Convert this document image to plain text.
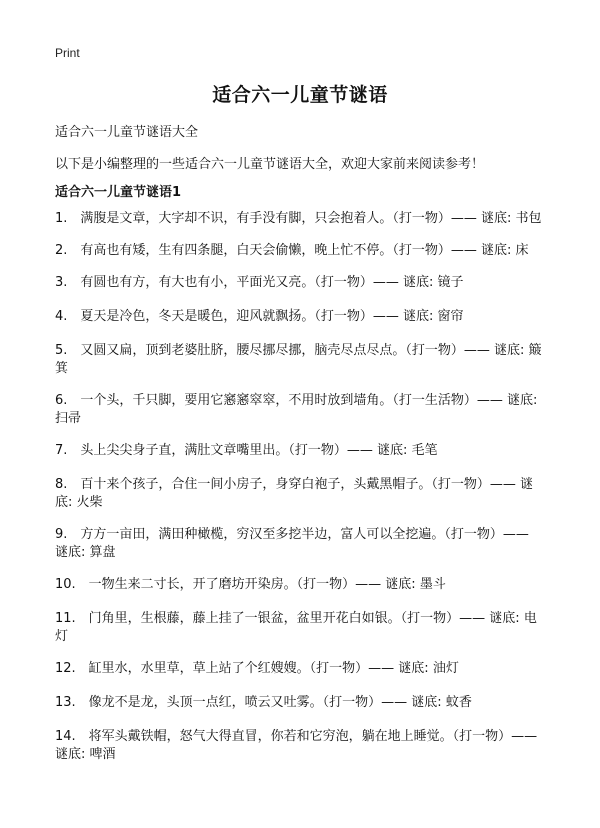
Print
适合六一儿童节谜语
适合六一儿童节谜语大全
以下是小编整理的一些适合六一儿童节谜语大全，欢迎大家前来阅读参考！
适合六一儿童节谜语1
1.　满腹是文章，大字却不识，有手没有脚，只会抱着人。（打一物）—— 谜底: 书包
2.　有高也有矮，生有四条腿，白天会偷懒，晚上忙不停。（打一物）—— 谜底: 床
3.　有圆也有方，有大也有小，平面光又亮。（打一物）—— 谜底: 镜子
4.　夏天是冷色，冬天是暖色，迎风就飘扬。（打一物）—— 谜底: 窗帘
5.　又圆又扁，顶到老婆肚脐，腰尽挪尽挪，脑壳尽点尽点。（打一物）—— 谜底: 簸箕
6.　一个头，千只脚，要用它窸窸窣窣，不用时放到墙角。（打一生活物）—— 谜底: 扫帚
7.　头上尖尖身子直，满肚文章嘴里出。（打一物）—— 谜底: 毛笔
8.　百十来个孩子，合住一间小房子，身穿白袍子，头戴黑帽子。（打一物）—— 谜底: 火柴
9.　方方一亩田，满田种橄榄，穷汉至多挖半边，富人可以全挖遍。（打一物）—— 谜底: 算盘
10.　一物生来二寸长，开了磨坊开染房。（打一物）—— 谜底: 墨斗
11.　门角里，生根藤，藤上挂了一银盆，盆里开花白如银。（打一物）—— 谜底: 电灯
12.　缸里水，水里草，草上站了个红嫂嫂。（打一物）—— 谜底: 油灯
13.　像龙不是龙，头顶一点红，喷云又吐雾。（打一物）—— 谜底: 蚊香
14.　将军头戴铁帽，怒气大得直冒，你若和它穷泡，躺在地上睡觉。（打一物）—— 谜底: 啤酒
